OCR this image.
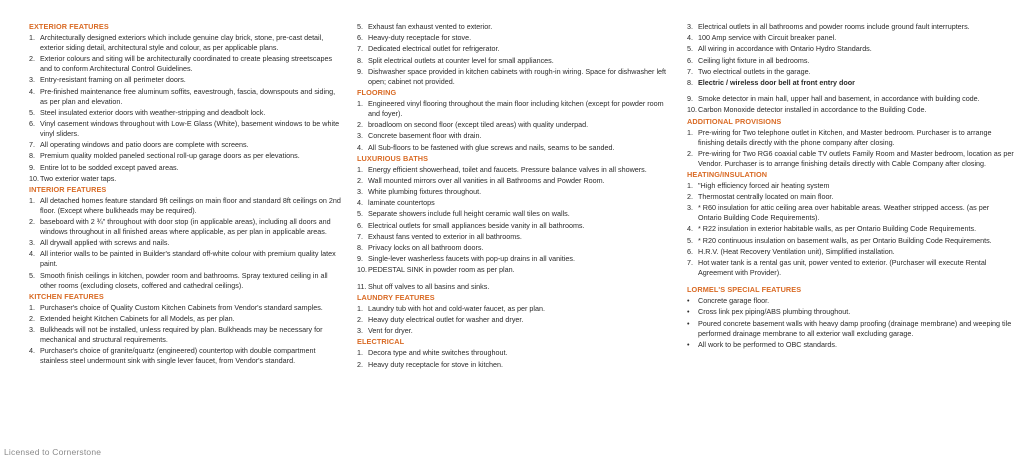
EXTERIOR FEATURES
1. Architecturally designed exteriors which include genuine clay brick, stone, pre-cast detail, exterior siding detail, architectural style and colour, as per applicable plans.
2. Exterior colours and siting will be architecturally coordinated to create pleasing streetscapes and to conform Architectural Control Guidelines.
3. Entry-resistant framing on all perimeter doors.
4. Pre-finished maintenance free aluminum soffits, eavestrough, fascia, downspouts and siding, as per plan and elevation.
5. Steel insulated exterior doors with weather-stripping and deadbolt lock.
6. Vinyl casement windows throughout with Low-E Glass (White), basement windows to be white vinyl sliders.
7. All operating windows and patio doors are complete with screens.
8. Premium quality molded paneled sectional roll-up garage doors as per elevations.
9. Entire lot to be sodded except paved areas.
10. Two exterior water taps.
INTERIOR FEATURES
1. All detached homes feature standard 9ft ceilings on main floor and standard 8ft ceilings on 2nd floor. (Except where bulkheads may be required).
2. baseboard with 2 ¾" throughout with door stop (in applicable areas), including all doors and windows throughout in all finished areas where applicable, as per plan in applicable areas.
3. All drywall applied with screws and nails.
4. All interior walls to be painted in Builder's standard off-white colour with premium quality latex paint.
5. Smooth finish ceilings in kitchen, powder room and bathrooms. Spray textured ceiling in all other rooms (excluding closets, coffered and cathedral ceilings).
KITCHEN FEATURES
1. Purchaser's choice of Quality Custom Kitchen Cabinets from Vendor's standard samples.
2. Extended height Kitchen Cabinets for all Models, as per plan.
3. Bulkheads will not be installed, unless required by plan. Bulkheads may be necessary for mechanical and structural requirements.
4. Purchaser's choice of granite/quartz (engineered) countertop with double compartment stainless steel undermount sink with single lever faucet, from Vendor's standard.
5. Exhaust fan exhaust vented to exterior.
6. Heavy-duty receptacle for stove.
7. Dedicated electrical outlet for refrigerator.
8. Split electrical outlets at counter level for small appliances.
9. Dishwasher space provided in kitchen cabinets with rough-in wiring. Space for dishwasher left open; cabinet not provided.
FLOORING
1. Engineered vinyl flooring throughout the main floor including kitchen (except for powder room and foyer).
2. broadloom on second floor (except tiled areas) with quality underpad.
3. Concrete basement floor with drain.
4. All Sub-floors to be fastened with glue screws and nails, seams to be sanded.
LUXURIOUS BATHS
1. Energy efficient showerhead, toilet and faucets. Pressure balance valves in all showers.
2. Wall mounted mirrors over all vanities in all Bathrooms and Powder Room.
3. White plumbing fixtures throughout.
4. laminate countertops
5. Separate showers include full height ceramic wall tiles on walls.
6. Electrical outlets for small appliances beside vanity in all bathrooms.
7. Exhaust fans vented to exterior in all bathrooms.
8. Privacy locks on all bathroom doors.
9. Single-lever washerless faucets with pop-up drains in all vanities.
10. PEDESTAL SINK in powder room as per plan.
11. Shut off valves to all basins and sinks.
LAUNDRY FEATURES
1. Laundry tub with hot and cold-water faucet, as per plan.
2. Heavy duty electrical outlet for washer and dryer.
3. Vent for dryer.
ELECTRICAL
1. Decora type and white switches throughout.
2. Heavy duty receptacle for stove in kitchen.
3. Electrical outlets in all bathrooms and powder rooms include ground fault interrupters.
4. 100 Amp service with Circuit breaker panel.
5. All wiring in accordance with Ontario Hydro Standards.
6. Ceiling light fixture in all bedrooms.
7. Two electrical outlets in the garage.
8. Electric / wireless door bell at front entry door
9. Smoke detector in main hall, upper hall and basement, in accordance with building code.
10. Carbon Monoxide detector installed in accordance to the Building Code.
ADDITIONAL PROVISIONS
1. Pre-wiring for Two telephone outlet in Kitchen, and Master bedroom. Purchaser is to arrange finishing details directly with the phone company after closing.
2. Pre-wiring for Two RG6 coaxial cable TV outlets Family Room and Master bedroom, location as per Vendor. Purchaser is to arrange finishing details directly with Cable Company after closing.
HEATING/INSULATION
1. "High efficiency forced air heating system
2. Thermostat centrally located on main floor.
3. * R60 insulation for attic ceiling area over habitable areas. Weather stripped access. (as per Ontario Building Code Requirements).
4. * R22 insulation in exterior habitable walls, as per Ontario Building Code Requirements.
5. * R20 continuous insulation on basement walls, as per Ontario Building Code Requirements.
6. H.R.V. (Heat Recovery Ventilation unit), Simplified installation.
7. Hot water tank is a rental gas unit, power vented to exterior. (Purchaser will execute Rental Agreement with Provider).
LORMEL'S SPECIAL FEATURES
•	Concrete garage floor.
•	Cross link pex piping/ABS plumbing throughout.
•	Poured concrete basement walls with heavy damp proofing (drainage membrane) and weeping tile performed drainage membrane to all exterior wall excluding garage.
•	All work to be performed to OBC standards.
Licensed to Cornerstone
